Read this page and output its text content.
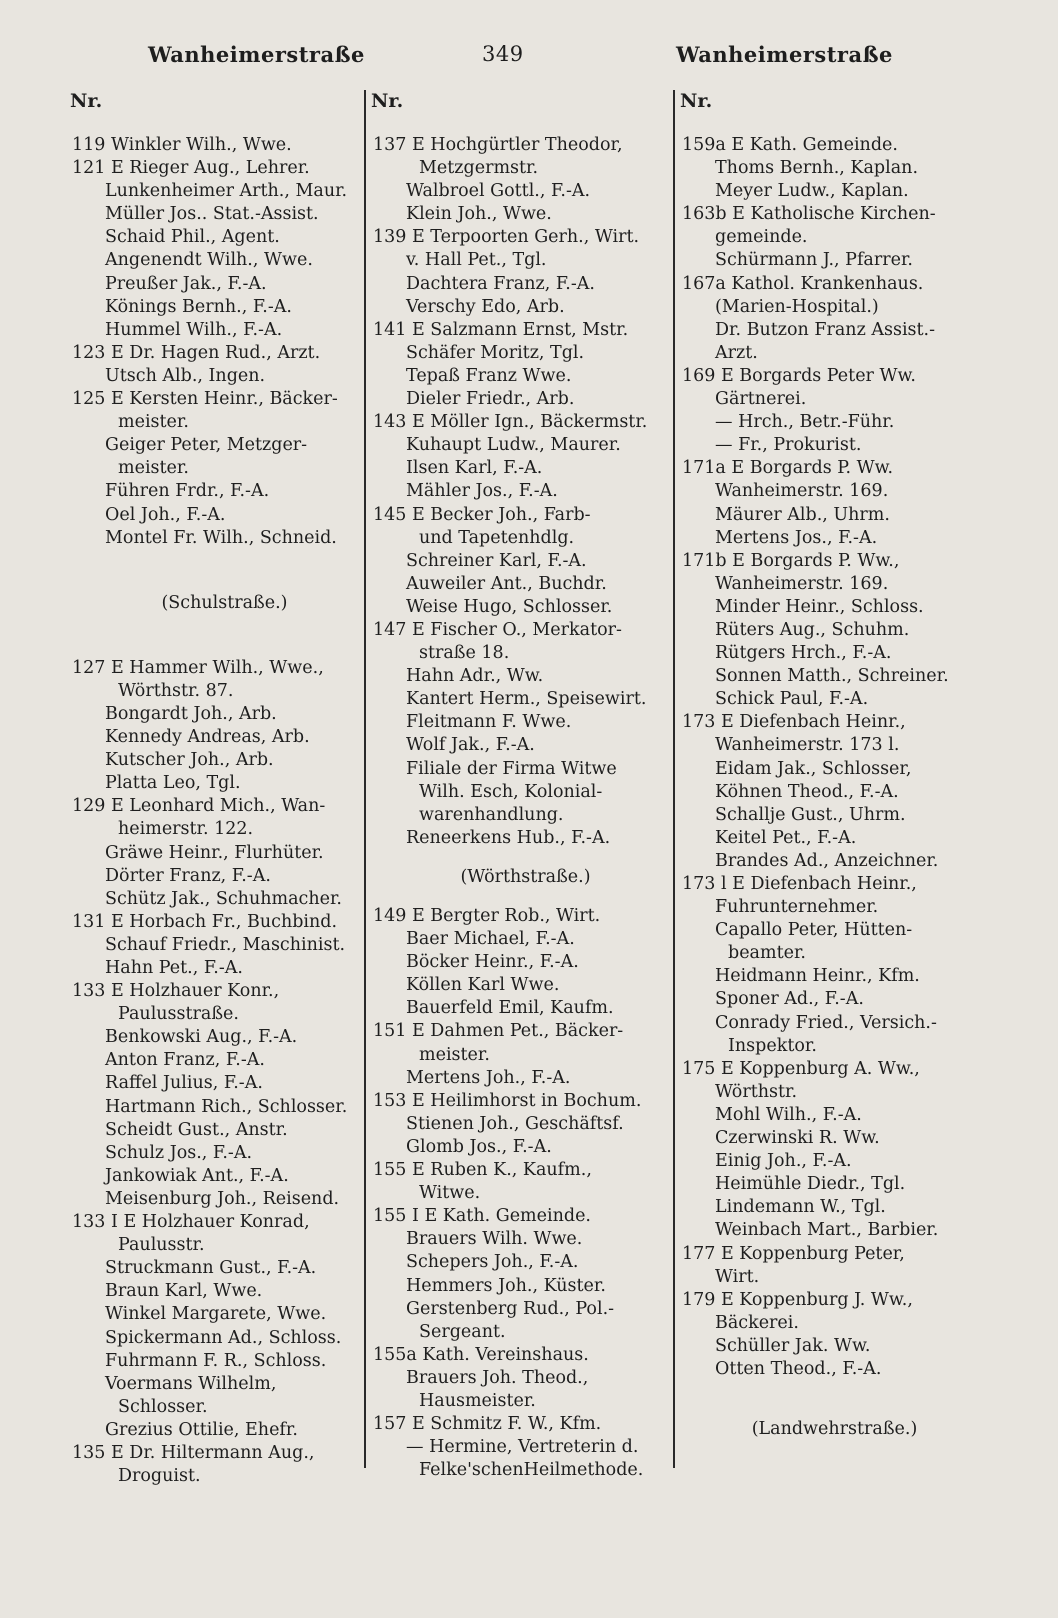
Wanheimerstraße	349	Wanheimerstraße
Nr.
119 Winkler Wilh., Wwe.
121 E Rieger Aug., Lehrer.
Lunkenheimer Arth., Maur.
Müller Jos.. Stat.-Assist.
Schaid Phil., Agent.
Angenendt Wilh., Wwe.
Preußer Jak., F.-A.
Könings Bernh., F.-A.
Hummel Wilh., F.-A.
123 E Dr. Hagen Rud., Arzt.
Utsch Alb., Ingen.
125 E Kersten Heinr., Bäcker-
meister.
Geiger Peter, Metzger-
meister.
Führen Frdr., F.-A.
Oel Joh., F.-A.
Montel Fr. Wilh., Schneid.
(Schulstraße.)
127 E Hammer Wilh., Wwe.,
Wörthstr. 87.
Bongardt Joh., Arb.
Kennedy Andreas, Arb.
Kutscher Joh., Arb.
Platta Leo, Tgl.
129 E Leonhard Mich., Wan-
heimerstr. 122.
Gräwe Heinr., Flurhüter.
Dörter Franz, F.-A.
Schütz Jak., Schuhmacher.
131 E Horbach Fr., Buchbind.
Schauf Friedr., Maschinist.
Hahn Pet., F.-A.
133 E Holzhauer Konr.,
Paulusstraße.
Benkowski Aug., F.-A.
Anton Franz, F.-A.
Raffel Julius, F.-A.
Hartmann Rich., Schlosser.
Scheidt Gust., Anstr.
Schulz Jos., F.-A.
Jankowiak Ant., F.-A.
Meisenburg Joh., Reisend.
133 I E Holzhauer Konrad,
Paulusstr.
Struckmann Gust., F.-A.
Braun Karl, Wwe.
Winkel Margarete, Wwe.
Spickermann Ad., Schloss.
Fuhrmann F. R., Schloss.
Voermans Wilhelm,
Schlosser.
Grezius Ottilie, Ehefr.
135 E Dr. Hiltermann Aug.,
Droguist.
Nr.
137 E Hochgürtler Theodor,
Metzgermstr.
Walbroel Gottl., F.-A.
Klein Joh., Wwe.
139 E Terpoorten Gerh., Wirt.
v. Hall Pet., Tgl.
Dachtera Franz, F.-A.
Verschy Edo, Arb.
141 E Salzmann Ernst, Mstr.
Schäfer Moritz, Tgl.
Tepaß Franz Wwe.
Dieler Friedr., Arb.
143 E Möller Ign., Bäckermstr.
Kuhaupt Ludw., Maurer.
Ilsen Karl, F.-A.
Mähler Jos., F.-A.
145 E Becker Joh., Farb-
und Tapetenhdlg.
Schreiner Karl, F.-A.
Auweiler Ant., Buchdr.
Weise Hugo, Schlosser.
147 E Fischer O., Merkator-
straße 18.
Hahn Adr., Ww.
Kantert Herm., Speisewirt.
Fleitmann F. Wwe.
Wolf Jak., F.-A.
Filiale der Firma Witwe
Wilh. Esch, Kolonial-
warenhandlung.
Reneerkens Hub., F.-A.
(Wörthstraße.)
149 E Bergter Rob., Wirt.
Baer Michael, F.-A.
Böcker Heinr., F.-A.
Köllen Karl Wwe.
Bauerfeld Emil, Kaufm.
151 E Dahmen Pet., Bäcker-
meister.
Mertens Joh., F.-A.
153 E Heilimhorst in Bochum.
Stienen Joh., Geschäftsf.
Glomb Jos., F.-A.
155 E Ruben K., Kaufm.,
Witwe.
155 I E Kath. Gemeinde.
Brauers Wilh. Wwe.
Schepers Joh., F.-A.
Hemmers Joh., Küster.
Gerstenberg Rud., Pol.-
Sergeant.
155a Kath. Vereinshaus.
Brauers Joh. Theod.,
Hausmeister.
157 E Schmitz F. W., Kfm.
— Hermine, Vertreterin d.
Felke'schenHeilmethode.
Nr.
159a E Kath. Gemeinde.
Thoms Bernh., Kaplan.
Meyer Ludw., Kaplan.
163b E Katholische Kirchen-
gemeinde.
Schürmann J., Pfarrer.
167a Kathol. Krankenhaus.
(Marien-Hospital.)
Dr. Butzon Franz Assist.-
Arzt.
169 E Borgards Peter Ww.
Gärtnerei.
— Hrch., Betr.-Führ.
— Fr., Prokurist.
171a E Borgards P. Ww.
Wanheimerstr. 169.
Mäurer Alb., Uhrm.
Mertens Jos., F.-A.
171b E Borgards P. Ww.,
Wanheimerstr. 169.
Minder Heinr., Schloss.
Rüters Aug., Schuhm.
Rütgers Hrch., F.-A.
Sonnen Matth., Schreiner.
Schick Paul, F.-A.
173 E Diefenbach Heinr.,
Wanheimerstr. 173 l.
Eidam Jak., Schlosser,
Köhnen Theod., F.-A.
Schallje Gust., Uhrm.
Keitel Pet., F.-A.
Brandes Ad., Anzeichner.
173 l E Diefenbach Heinr.,
Fuhrunternehmer.
Capallo Peter, Hütten-
beamter.
Heidmann Heinr., Kfm.
Sponer Ad., F.-A.
Conrady Fried., Versich.-
Inspektor.
175 E Koppenburg A. Ww.,
Wörthstr.
Mohl Wilh., F.-A.
Czerwinski R. Ww.
Einig Joh., F.-A.
Heimühle Diedr., Tgl.
Lindemann W., Tgl.
Weinbach Mart., Barbier.
177 E Koppenburg Peter,
Wirt.
179 E Koppenburg J. Ww.,
Bäckerei.
Schüller Jak. Ww.
Otten Theod., F.-A.
(Landwehrstraße.)
